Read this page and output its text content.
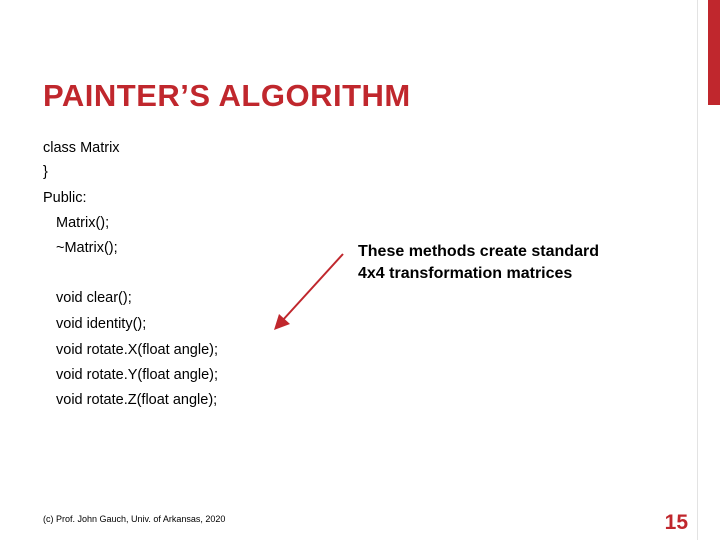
PAINTER’S ALGORITHM
class Matrix
}
Public:
Matrix();
~Matrix();
void clear();
void identity();
void rotate.X(float angle);
void rotate.Y(float angle);
void rotate.Z(float angle);
These methods create standard
4x4 transformation matrices
(c) Prof. John Gauch, Univ. of Arkansas, 2020	15
